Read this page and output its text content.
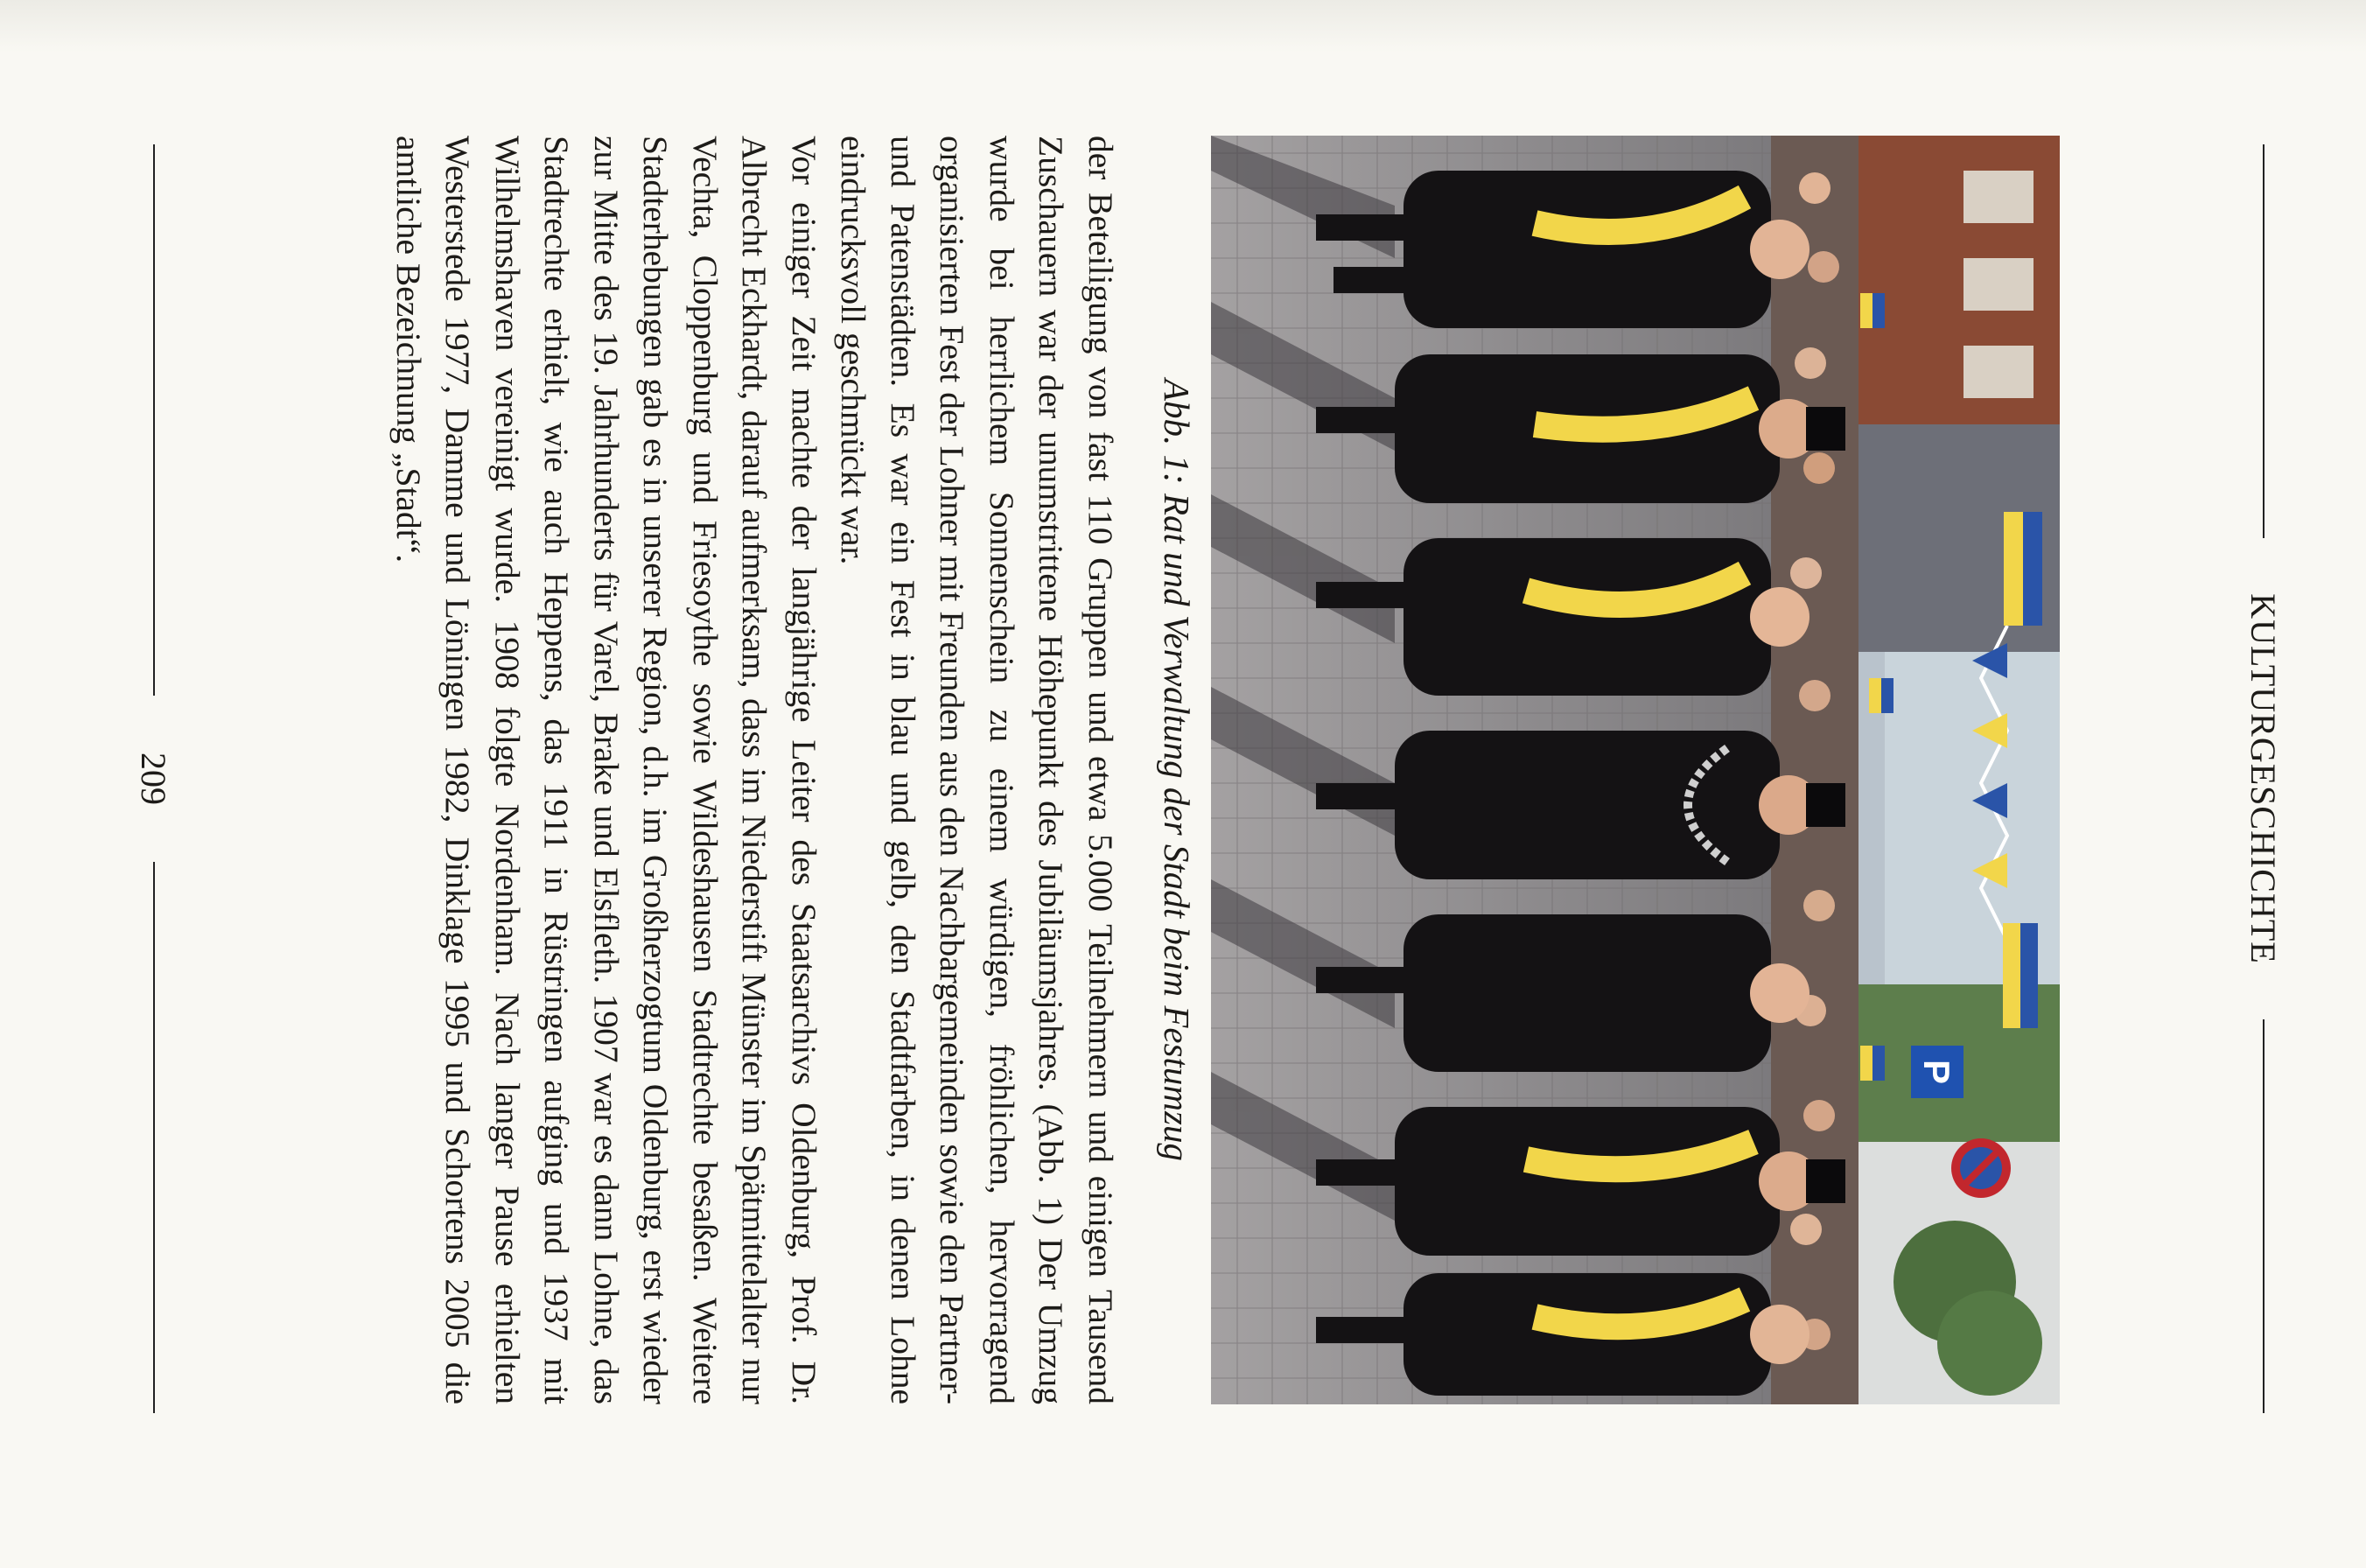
KULTURGESCHICHTE
P
Abb. 1: Rat und Verwaltung der Stadt beim Festumzug

der Beteiligung von fast 110 Gruppen und etwa 5.000 Teilnehmern und einigen Tausend Zuschauern war der unumstrittene Höhepunkt des Jubiläumsjahres. (Abb. 1) Der Umzug wurde bei herrlichem Sonnenschein zu einem würdigen, fröhlichen, hervorragend organisierten Fest der Lohner mit Freunden aus den Nachbargemeinden sowie den Partner- und Patenstädten. Es war ein Fest in blau und gelb, den Stadtfarben, in denen Lohne eindrucksvoll geschmückt war.

Vor einiger Zeit machte der langjährige Leiter des Staatsarchivs Oldenburg, Prof. Dr. Albrecht Eckhardt, darauf aufmerksam, dass im Niederstift Münster im Spätmittelalter nur Vechta, Cloppenburg und Friesoythe sowie Wildeshausen Stadtrechte besaßen. Weitere Stadterhebungen gab es in unserer Region, d.h. im Großherzogtum Oldenburg, erst wieder zur Mitte des 19. Jahrhunderts für Varel, Brake und Elsfleth. 1907 war es dann Lohne, das Stadtrechte erhielt, wie auch Heppens, das 1911 in Rüstringen aufging und 1937 mit Wilhelmshaven vereinigt wurde. 1908 folgte Nordenham. Nach langer Pause erhielten Westerstede 1977, Damme und Löningen 1982, Dinklage 1995 und Schortens 2005 die amtliche Bezeichnung „Stadt“.

209
